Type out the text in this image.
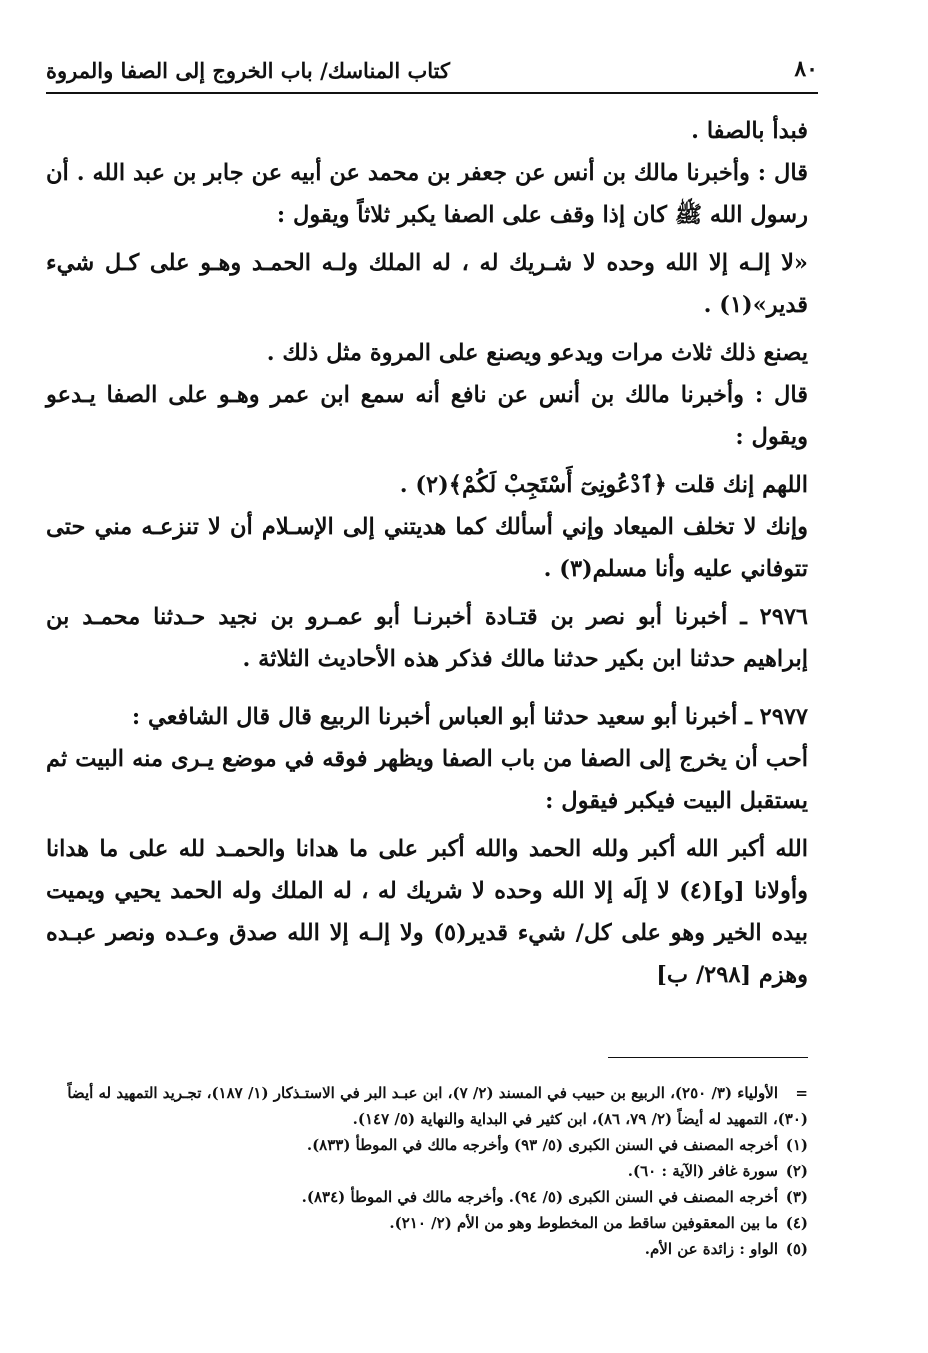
كتاب المناسك/ باب الخروج إلى الصفا والمروة	٨٠

فبدأ بالصفا .

قال : وأخبرنا مالك بن أنس عن جعفر بن محمد عن أبيه عن جابر بن عبد الله . أن رسول الله ﷺ كان إذا وقف على الصفا يكبر ثلاثاً ويقول :

«لا إلـه إلا الله وحده لا شـريك له ، له الملك ولـه الحمـد وهـو على كـل شيء قدير»(١) .

يصنع ذلك ثلاث مرات ويدعو ويصنع على المروة مثل ذلك .

قال : وأخبرنا مالك بن أنس عن نافع أنه سمع ابن عمر وهـو على الصفا يـدعو ويقول :

اللهم إنك قلت ﴿ٱدْعُونِىٓ أَسْتَجِبْ لَكُمْ﴾(٢) .

وإنك لا تخلف الميعاد وإني أسألك كما هديتني إلى الإسـلام أن لا تنزعـه مني حتى تتوفاني عليه وأنا مسلم(٣) .

٢٩٧٦ ـ أخبرنا أبو نصر بن قتـادة أخبرنـا أبو عمـرو بن نجيد حـدثنا محمـد بن إبراهيم حدثنا ابن بكير حدثنا مالك فذكر هذه الأحاديث الثلاثة .

٢٩٧٧ ـ أخبرنا أبو سعيد حدثنا أبو العباس أخبرنا الربيع قال قال الشافعي :

أحب أن يخرج إلى الصفا من باب الصفا ويظهر فوقه في موضع يـرى منه البيت ثم يستقبل البيت فيكبر فيقول :

الله أكبر الله أكبر ولله الحمد والله أكبر على ما هدانا والحمـد لله على ما هدانا وأولانا [و](٤) لا إلَه إلا الله وحده لا شريك له ، له الملك وله الحمد يحيي ويميت بيده الخير وهو على كل/ شيء قدير(٥) ولا إلـه إلا الله صدق وعـده ونصر عبـده وهزم [٢٩٨/ ب]

=الأولياء (٣/ ٢٥٠)، الربيع بن حبيب في المسند (٢/ ٧)، ابن عبـد البر في الاستـذكار (١/ ١٨٧)، تجـريد التمهيد له أيضاً (٣٠)، التمهيد له أيضاً (٢/ ٧٩، ٨٦)، ابن كثير في البداية والنهاية (٥/ ١٤٧).

(١)أخرجه المصنف في السنن الكبرى (٥/ ٩٣) وأخرجه مالك في الموطأ (٨٣٣).

(٢)سورة غافر (الآية : ٦٠).

(٣)أخرجه المصنف في السنن الكبرى (٥/ ٩٤). وأخرجه مالك في الموطأ (٨٣٤).

(٤)ما بين المعقوفين ساقط من المخطوط وهو من الأم (٢/ ٢١٠).

(٥)الواو : زائدة عن الأم.
